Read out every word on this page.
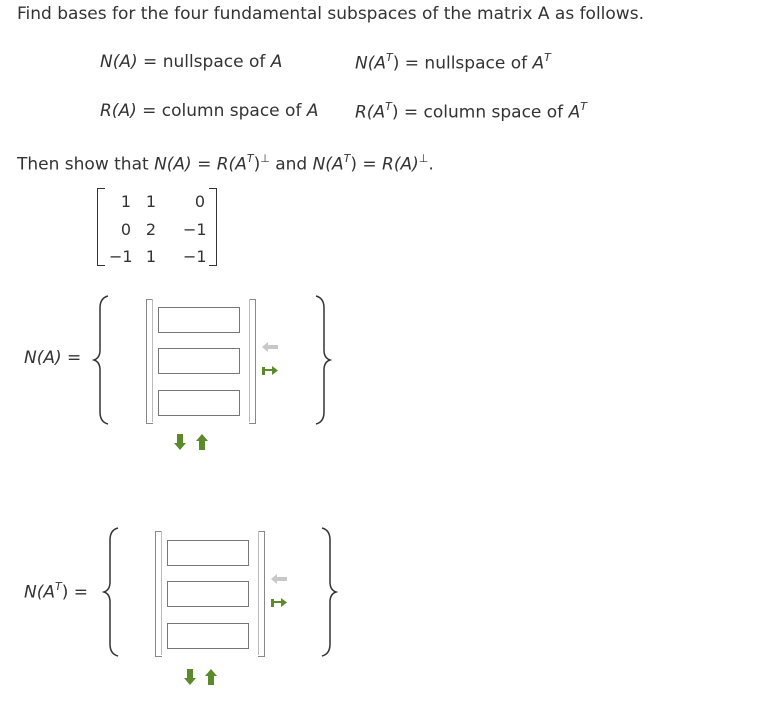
Find bases for the four fundamental subspaces of the matrix A as follows.
N(A) = nullspace of A	$N(A^T)$ = nullspace of $A^T$
R(A) = column space of A $R(A^T)$ = column space of $A^T$
Then show that $N(A) = R(A^T)^\perp$ and $N(A^T) = R(A)^\perp$.
1 1	0
0 2 −1
−1 1 −1
N(A) =
$N(A^T)$ =
